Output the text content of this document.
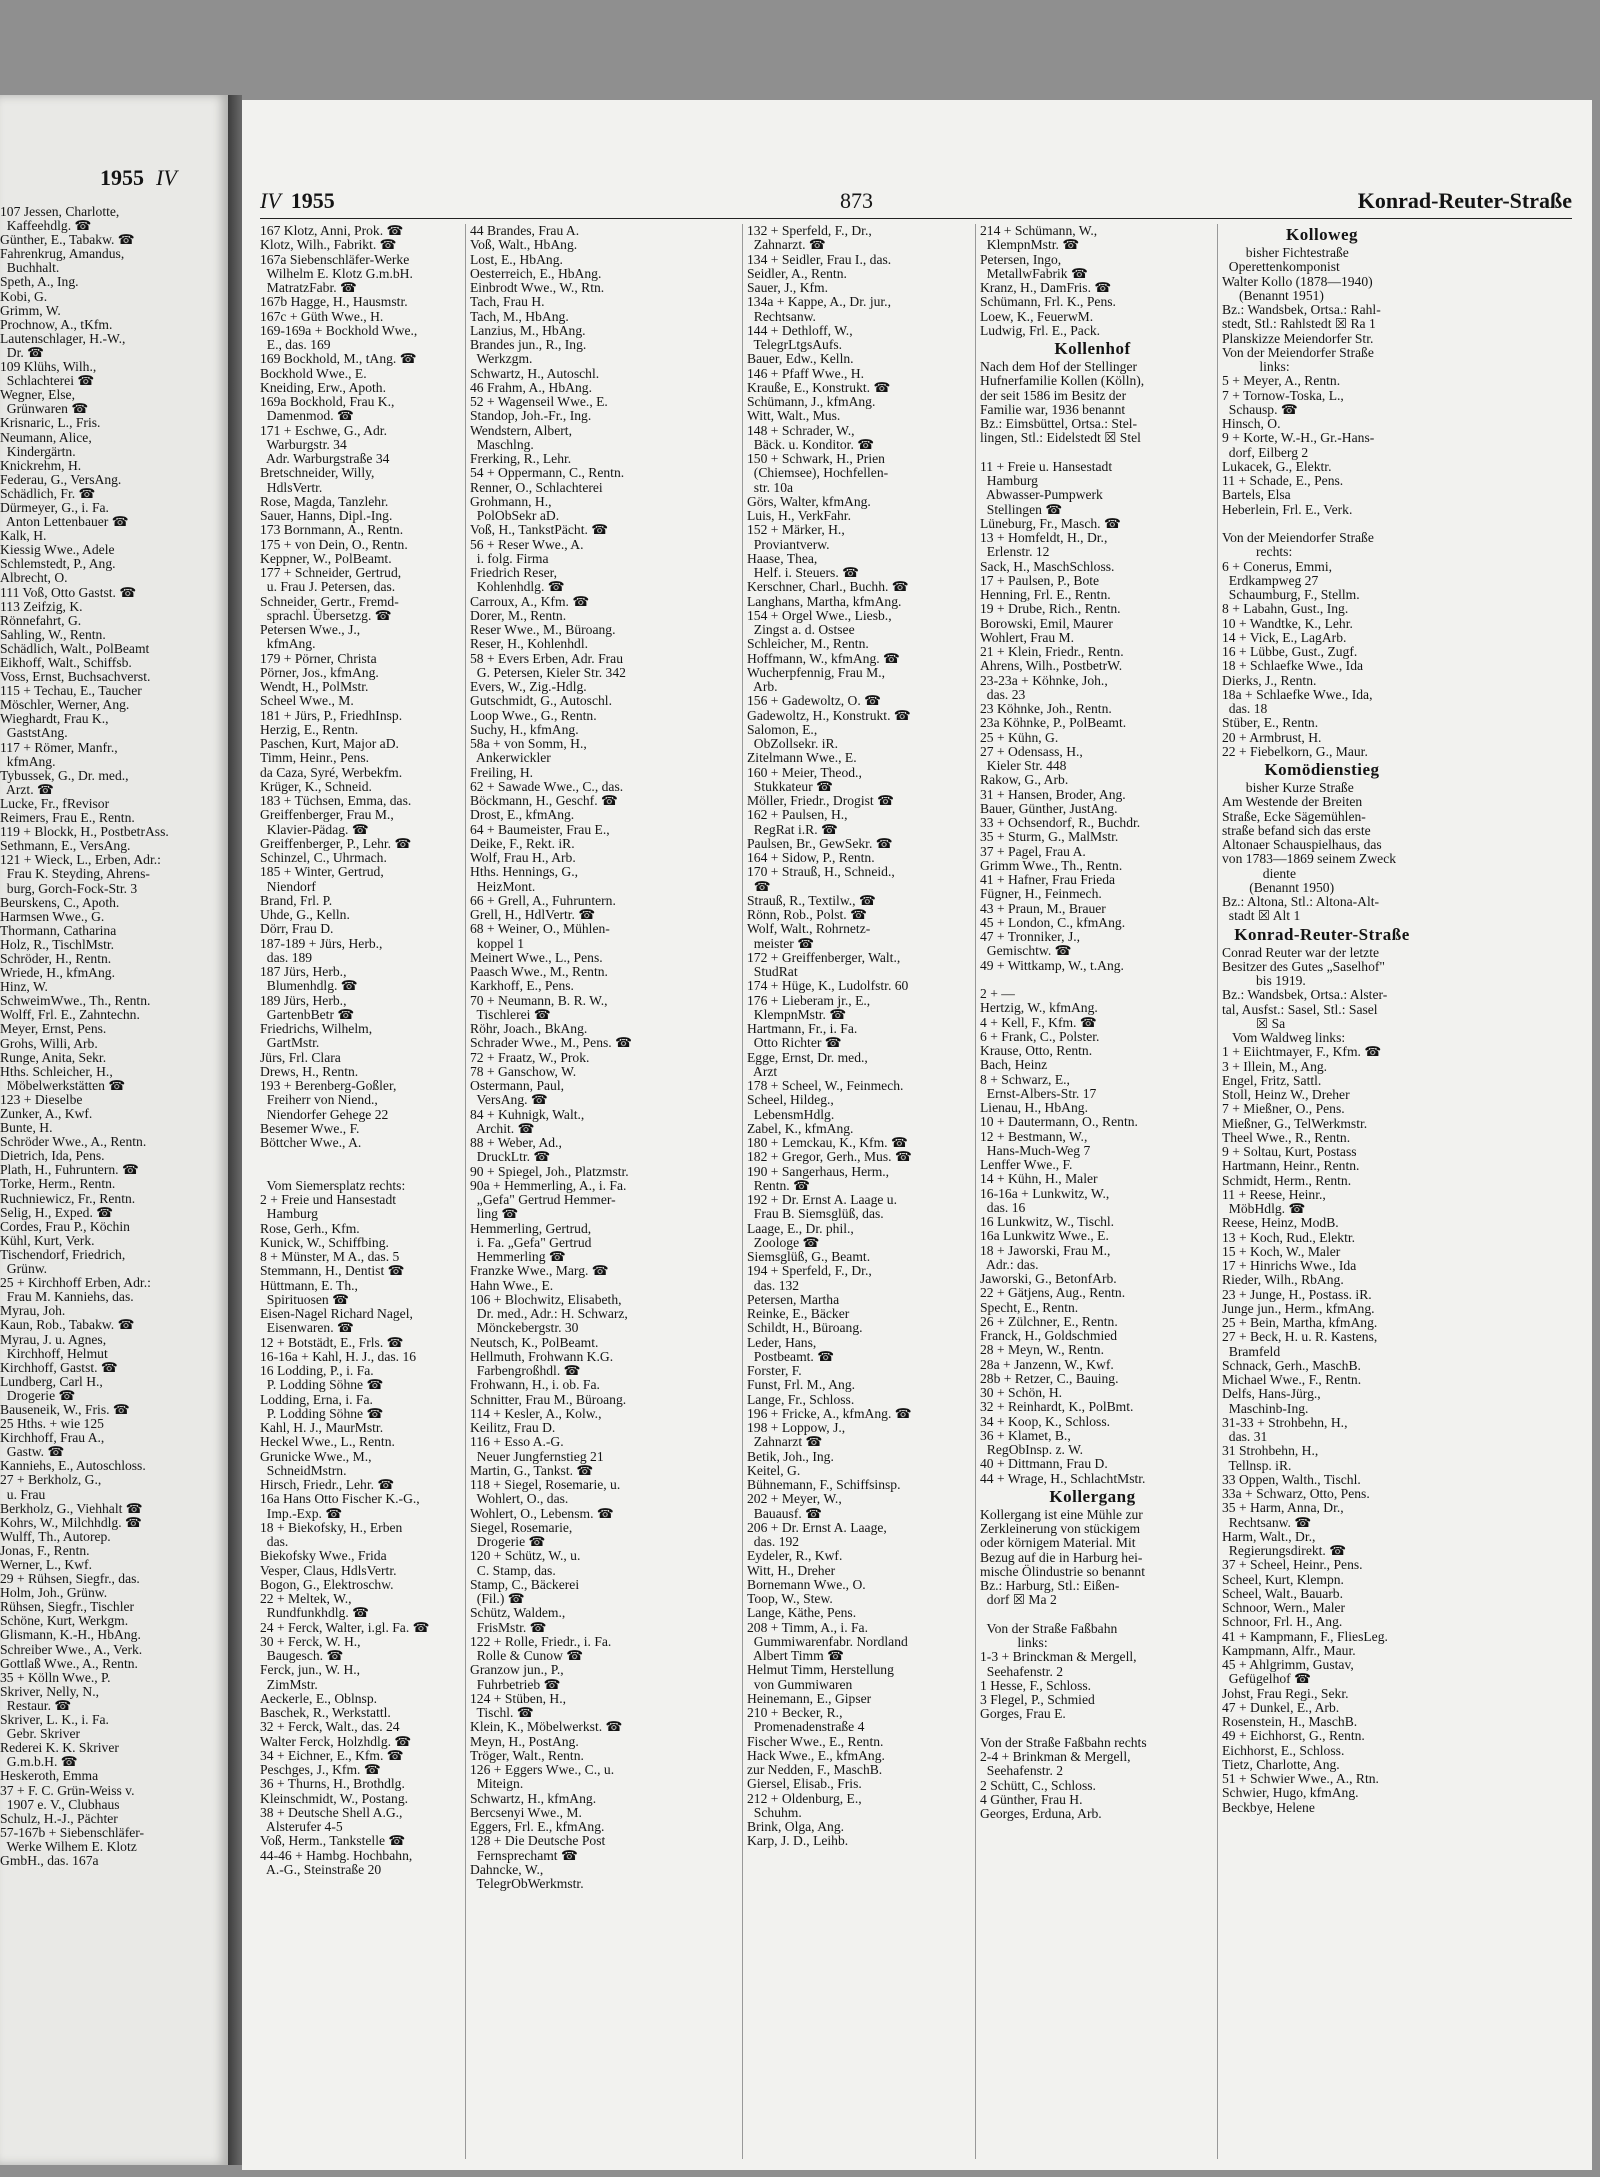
1955 IV
107 Jessen, Charlotte,
Kaffeehdlg. ☎
Günther, E., Tabakw. ☎
Fahrenkrug, Amandus,
Buchhalt.
Speth, A., Ing.
Kobi, G.
Grimm, W.
Prochnow, A., tKfm.
Lautenschlager, H.-W.,
Dr. ☎
109 Klühs, Wilh.,
Schlachterei ☎
Wegner, Else,
Grünwaren ☎
Krisnaric, L., Fris.
Neumann, Alice,
Kindergärtn.
Knickrehm, H.
Federau, G., VersAng.
Schädlich, Fr. ☎
Dürmeyer, G., i. Fa.
Anton Lettenbauer ☎
Kalk, H.
Kiessig Wwe., Adele
Schlemstedt, P., Ang.
Albrecht, O.
111 Voß, Otto Gastst. ☎
113 Zeifzig, K.
Rönnefahrt, G.
Sahling, W., Rentn.
Schädlich, Walt., PolBeamt
Eikhoff, Walt., Schiffsb.
Voss, Ernst, Buchsachverst.
115 + Techau, E., Taucher
Möschler, Werner, Ang.
Wieghardt, Frau K.,
GaststAng.
117 + Römer, Manfr.,
kfmAng.
Tybussek, G., Dr. med.,
Arzt. ☎
Lucke, Fr., fRevisor
Reimers, Frau E., Rentn.
119 + Blockk, H., PostbetrAss.
Sethmann, E., VersAng.
121 + Wieck, L., Erben, Adr.:
Frau K. Steyding, Ahrens-
burg, Gorch-Fock-Str. 3
Beurskens, C., Apoth.
Harmsen Wwe., G.
Thormann, Catharina
Holz, R., TischlMstr.
Schröder, H., Rentn.
Wriede, H., kfmAng.
Hinz, W.
SchweimWwe., Th., Rentn.
Wolff, Frl. E., Zahntechn.
Meyer, Ernst, Pens.
Grohs, Willi, Arb.
Runge, Anita, Sekr.
Hths. Schleicher, H.,
Möbelwerkstätten ☎
123 + Dieselbe
Zunker, A., Kwf.
Bunte, H.
Schröder Wwe., A., Rentn.
Dietrich, Ida, Pens.
Plath, H., Fuhruntern. ☎
Torke, Herm., Rentn.
Ruchniewicz, Fr., Rentn.
Selig, H., Exped. ☎
Cordes, Frau P., Köchin
Kühl, Kurt, Verk.
Tischendorf, Friedrich,
Grünw.
25 + Kirchhoff Erben, Adr.:
Frau M. Kanniehs, das.
Myrau, Joh.
Kaun, Rob., Tabakw. ☎
Myrau, J. u. Agnes,
Kirchhoff, Helmut
Kirchhoff, Gastst. ☎
Lundberg, Carl H.,
Drogerie ☎
Bauseneik, W., Fris. ☎
25 Hths. + wie 125
Kirchhoff, Frau A.,
Gastw. ☎
Kanniehs, E., Autoschloss.
27 + Berkholz, G.,
u. Frau
Berkholz, G., Viehhalt ☎
Kohrs, W., Milchhdlg. ☎
Wulff, Th., Autorep.
Jonas, F., Rentn.
Werner, L., Kwf.
29 + Rühsen, Siegfr., das.
Holm, Joh., Grünw.
Rühsen, Siegfr., Tischler
Schöne, Kurt, Werkgm.
Glismann, K.-H., HbAng.
Schreiber Wwe., A., Verk.
Gottlaß Wwe., A., Rentn.
35 + Kölln Wwe., P.
Skriver, Nelly, N.,
Restaur. ☎
Skriver, L. K., i. Fa.
Gebr. Skriver
Rederei K. K. Skriver
G.m.b.H. ☎
Heskeroth, Emma
37 + F. C. Grün-Weiss v.
1907 e. V., Clubhaus
Schulz, H.-J., Pächter
57-167b + Siebenschläfer-
Werke Wilhem E. Klotz
GmbH., das. 167a
IV 1955	873	Konrad-Reuter-Straße
167 Klotz, Anni, Prok. ☎
Klotz, Wilh., Fabrikt. ☎
167a Siebenschläfer-Werke
Wilhelm E. Klotz G.m.bH.
MatratzFabr. ☎
167b Hagge, H., Hausmstr.
167c + Güth Wwe., H.
169-169a + Bockhold Wwe.,
E., das. 169
169 Bockhold, M., tAng. ☎
Bockhold Wwe., E.
Kneiding, Erw., Apoth.
169a Bockhold, Frau K.,
Damenmod. ☎
171 + Eschwe, G., Adr.
Warburgstr. 34
Adr. Warburgstraße 34
Bretschneider, Willy,
HdlsVertr.
Rose, Magda, Tanzlehr.
Sauer, Hanns, Dipl.-Ing.
173 Bornmann, A., Rentn.
175 + von Dein, O., Rentn.
Keppner, W., PolBeamt.
177 + Schneider, Gertrud,
u. Frau J. Petersen, das.
Schneider, Gertr., Fremd-
sprachl. Übersetzg. ☎
Petersen Wwe., J.,
kfmAng.
179 + Pörner, Christa
Pörner, Jos., kfmAng.
Wendt, H., PolMstr.
Scheel Wwe., M.
181 + Jürs, P., FriedhInsp.
Herzig, E., Rentn.
Paschen, Kurt, Major aD.
Timm, Heinr., Pens.
da Caza, Syré, Werbekfm.
Krüger, K., Schneid.
183 + Tüchsen, Emma, das.
Greiffenberger, Frau M.,
Klavier-Pädag. ☎
Greiffenberger, P., Lehr. ☎
Schinzel, C., Uhrmach.
185 + Winter, Gertrud,
Niendorf
Brand, Frl. P.
Uhde, G., Kelln.
Dörr, Frau D.
187-189 + Jürs, Herb.,
das. 189
187 Jürs, Herb.,
Blumenhdlg. ☎
189 Jürs, Herb.,
GartenbBetr ☎
Friedrichs, Wilhelm,
GartMstr.
Jürs, Frl. Clara
Drews, H., Rentn.
193 + Berenberg-Goßler,
Freiherr von Niend.,
Niendorfer Gehege 22
Besemer Wwe., F.
Böttcher Wwe., A.

Vom Siemersplatz rechts:
2 + Freie und Hansestadt
Hamburg
Rose, Gerh., Kfm.
Kunick, W., Schiffbing.
8 + Münster, M A., das. 5
Stemmann, H., Dentist ☎
Hüttmann, E. Th.,
Spirituosen ☎
Eisen-Nagel Richard Nagel,
Eisenwaren. ☎
12 + Botstädt, E., Frls. ☎
16-16a + Kahl, H. J., das. 16
16 Lodding, P., i. Fa.
P. Lodding Söhne ☎
Lodding, Erna, i. Fa.
P. Lodding Söhne ☎
Kahl, H. J., MaurMstr.
Heckel Wwe., L., Rentn.
Grunicke Wwe., M.,
SchneidMstrn.
Hirsch, Friedr., Lehr. ☎
16a Hans Otto Fischer K.-G.,
Imp.-Exp. ☎
18 + Biekofsky, H., Erben
das.
Biekofsky Wwe., Frida
Vesper, Claus, HdlsVertr.
Bogon, G., Elektroschw.
22 + Meltek, W.,
Rundfunkhdlg. ☎
24 + Ferck, Walter, i.gl. Fa. ☎
30 + Ferck, W. H.,
Baugesch. ☎
Ferck, jun., W. H.,
ZimMstr.
Aeckerle, E., Oblnsp.
Baschek, R., Werkstattl.
32 + Ferck, Walt., das. 24
Walter Ferck, Holzhdlg. ☎
34 + Eichner, E., Kfm. ☎
Peschges, J., Kfm. ☎
36 + Thurns, H., Brothdlg.
Kleinschmidt, W., Postang.
38 + Deutsche Shell A.G.,
Alsterufer 4-5
Voß, Herm., Tankstelle ☎
44-46 + Hambg. Hochbahn,
A.-G., Steinstraße 20
44 Brandes, Frau A.
Voß, Walt., HbAng.
Lost, E., HbAng.
Oesterreich, E., HbAng.
Einbrodt Wwe., W., Rtn.
Tach, Frau H.
Tach, M., HbAng.
Lanzius, M., HbAng.
Brandes jun., R., Ing.
Werkzgm.
Schwartz, H., Autoschl.
46 Frahm, A., HbAng.
52 + Wagenseil Wwe., E.
Standop, Joh.-Fr., Ing.
Wendstern, Albert,
Maschlng.
Frerking, R., Lehr.
54 + Oppermann, C., Rentn.
Renner, O., Schlachterei
Grohmann, H.,
PolObSekr aD.
Voß, H., TankstPächt. ☎
56 + Reser Wwe., A.
i. folg. Firma
Friedrich Reser,
Kohlenhdlg. ☎
Carroux, A., Kfm. ☎
Dorer, M., Rentn.
Reser Wwe., M., Büroang.
Reser, H., Kohlenhdl.
58 + Evers Erben, Adr. Frau
G. Petersen, Kieler Str. 342
Evers, W., Zig.-Hdlg.
Gutschmidt, G., Autoschl.
Loop Wwe., G., Rentn.
Suchy, H., kfmAng.
58a + von Somm, H.,
Ankerwickler
Freiling, H.
62 + Sawade Wwe., C., das.
Böckmann, H., Geschf. ☎
Drost, E., kfmAng.
64 + Baumeister, Frau E.,
Deike, F., Rekt. iR.
Wolf, Frau H., Arb.
Hths. Hennings, G.,
HeizMont.
66 + Grell, A., Fuhruntern.
Grell, H., HdlVertr. ☎
68 + Weiner, O., Mühlen-
koppel 1
Meinert Wwe., L., Pens.
Paasch Wwe., M., Rentn.
Karkhoff, E., Pens.
70 + Neumann, B. R. W.,
Tischlerei ☎
Röhr, Joach., BkAng.
Schrader Wwe., M., Pens. ☎
72 + Fraatz, W., Prok.
78 + Ganschow, W.
Ostermann, Paul,
VersAng. ☎
84 + Kuhnigk, Walt.,
Archit. ☎
88 + Weber, Ad.,
DruckLtr. ☎
90 + Spiegel, Joh., Platzmstr.
90a + Hemmerling, A., i. Fa.
„Gefa" Gertrud Hemmer-
ling ☎
Hemmerling, Gertrud,
i. Fa. „Gefa" Gertrud
Hemmerling ☎
Franzke Wwe., Marg. ☎
Hahn Wwe., E.
106 + Blochwitz, Elisabeth,
Dr. med., Adr.: H. Schwarz,
Mönckebergstr. 30
Neutsch, K., PolBeamt.
Hellmuth, Frohwann K.G.
Farbengroßhdl. ☎
Frohwann, H., i. ob. Fa.
Schnitter, Frau M., Büroang.
114 + Kesler, A., Kolw.,
Keilitz, Frau D.
116 + Esso A.-G.
Neuer Jungfernstieg 21
Martin, G., Tankst. ☎
118 + Siegel, Rosemarie, u.
Wohlert, O., das.
Wohlert, O., Lebensm. ☎
Siegel, Rosemarie,
Drogerie ☎
120 + Schütz, W., u.
C. Stamp, das.
Stamp, C., Bäckerei
(Fil.) ☎
Schütz, Waldem.,
FrisMstr. ☎
122 + Rolle, Friedr., i. Fa.
Rolle & Cunow ☎
Granzow jun., P.,
Fuhrbetrieb ☎
124 + Stüben, H.,
Tischl. ☎
Klein, K., Möbelwerkst. ☎
Meyn, H., PostAng.
Tröger, Walt., Rentn.
126 + Eggers Wwe., C., u.
Miteign.
Schwartz, H., kfmAng.
Bercsenyi Wwe., M.
Eggers, Frl. E., kfmAng.
128 + Die Deutsche Post
Fernsprechamt ☎
Dahncke, W.,
TelegrObWerkmstr.
132 + Sperfeld, F., Dr.,
Zahnarzt. ☎
134 + Seidler, Frau I., das.
Seidler, A., Rentn.
Sauer, J., Kfm.
134a + Kappe, A., Dr. jur.,
Rechtsanw.
144 + Dethloff, W.,
TelegrLtgsAufs.
Bauer, Edw., Kelln.
146 + Pfaff Wwe., H.
Krauße, E., Konstrukt. ☎
Schümann, J., kfmAng.
Witt, Walt., Mus.
148 + Schrader, W.,
Bäck. u. Konditor. ☎
150 + Schwark, H., Prien
(Chiemsee), Hochfellen-
str. 10a
Görs, Walter, kfmAng.
Luis, H., VerkFahr.
152 + Märker, H.,
Proviantverw.
Haase, Thea,
Helf. i. Steuers. ☎
Kerschner, Charl., Buchh. ☎
Langhans, Martha, kfmAng.
154 + Orgel Wwe., Liesb.,
Zingst a. d. Ostsee
Schleicher, M., Rentn.
Hoffmann, W., kfmAng. ☎
Wucherpfennig, Frau M.,
Arb.
156 + Gadewoltz, O. ☎
Gadewoltz, H., Konstrukt. ☎
Salomon, E.,
ObZollsekr. iR.
Zitelmann Wwe., E.
160 + Meier, Theod.,
Stukkateur ☎
Möller, Friedr., Drogist ☎
162 + Paulsen, H.,
RegRat i.R. ☎
Paulsen, Br., GewSekr. ☎
164 + Sidow, P., Rentn.
170 + Strauß, H., Schneid.,
☎
Strauß, R., Textilw., ☎
Rönn, Rob., Polst. ☎
Wolf, Walt., Rohrnetz-
meister ☎
172 + Greiffenberger, Walt.,
StudRat
174 + Hüge, K., Ludolfstr. 60
176 + Lieberam jr., E.,
KlempnMstr. ☎
Hartmann, Fr., i. Fa.
Otto Richter ☎
Egge, Ernst, Dr. med.,
Arzt
178 + Scheel, W., Feinmech.
Scheel, Hildeg.,
LebensmHdlg.
Zabel, K., kfmAng.
180 + Lemckau, K., Kfm. ☎
182 + Gregor, Gerh., Mus. ☎
190 + Sangerhaus, Herm.,
Rentn. ☎
192 + Dr. Ernst A. Laage u.
Frau B. Siemsglüß, das.
Laage, E., Dr. phil.,
Zoologe ☎
Siemsglüß, G., Beamt.
194 + Sperfeld, F., Dr.,
das. 132
Petersen, Martha
Reinke, E., Bäcker
Schildt, H., Büroang.
Leder, Hans,
Postbeamt. ☎
Forster, F.
Funst, Frl. M., Ang.
Lange, Fr., Schloss.
196 + Fricke, A., kfmAng. ☎
198 + Loppow, J.,
Zahnarzt ☎
Betik, Joh., Ing.
Keitel, G.
Bühnemann, F., Schiffsinsp.
202 + Meyer, W.,
Bauausf. ☎
206 + Dr. Ernst A. Laage,
das. 192
Eydeler, R., Kwf.
Witt, H., Dreher
Bornemann Wwe., O.
Toop, W., Stew.
Lange, Käthe, Pens.
208 + Timm, A., i. Fa.
Gummiwarenfabr. Nordland
Albert Timm ☎
Helmut Timm, Herstellung
von Gummiwaren
Heinemann, E., Gipser
210 + Becker, R.,
Promenadenstraße 4
Fischer Wwe., E., Rentn.
Hack Wwe., E., kfmAng.
zur Nedden, F., MaschB.
Giersel, Elisab., Fris.
212 + Oldenburg, E.,
Schuhm.
Brink, Olga, Ang.
Karp, J. D., Leihb.
214 + Schümann, W.,
KlempnMstr. ☎
Petersen, Ingo,
MetallwFabrik ☎
Kranz, H., DamFris. ☎
Schümann, Frl. K., Pens.
Loew, K., FeuerwM.
Ludwig, Frl. E., Pack.
Kollenhof
Nach dem Hof der Stellinger
Hufnerfamilie Kollen (Kölln),
der seit 1586 im Besitz der
Familie war, 1936 benannt
Bz.: Eimsbüttel, Ortsa.: Stel-
lingen, Stl.: Eidelstedt ☒ Stel

11 + Freie u. Hansestadt
Hamburg
Abwasser-Pumpwerk
Stellingen ☎
Lüneburg, Fr., Masch. ☎
13 + Homfeldt, H., Dr.,
Erlenstr. 12
Sack, H., MaschSchloss.
17 + Paulsen, P., Bote
Henning, Frl. E., Rentn.
19 + Drube, Rich., Rentn.
Borowski, Emil, Maurer
Wohlert, Frau M.
21 + Klein, Friedr., Rentn.
Ahrens, Wilh., PostbetrW.
23-23a + Köhnke, Joh.,
das. 23
23 Köhnke, Joh., Rentn.
23a Köhnke, P., PolBeamt.
25 + Kühn, G.
27 + Odensass, H.,
Kieler Str. 448
Rakow, G., Arb.
31 + Hansen, Broder, Ang.
Bauer, Günther, JustAng.
33 + Ochsendorf, R., Buchdr.
35 + Sturm, G., MalMstr.
37 + Pagel, Frau A.
Grimm Wwe., Th., Rentn.
41 + Hafner, Frau Frieda
Fügner, H., Feinmech.
43 + Praun, M., Brauer
45 + London, C., kfmAng.
47 + Tronniker, J.,
Gemischtw. ☎
49 + Wittkamp, W., t.Ang.

2 + —
Hertzig, W., kfmAng.
4 + Kell, F., Kfm. ☎
6 + Frank, C., Polster.
Krause, Otto, Rentn.
Bach, Heinz
8 + Schwarz, E.,
Ernst-Albers-Str. 17
Lienau, H., HbAng.
10 + Dautermann, O., Rentn.
12 + Bestmann, W.,
Hans-Much-Weg 7
Lenffer Wwe., F.
14 + Kühn, H., Maler
16-16a + Lunkwitz, W.,
das. 16
16 Lunkwitz, W., Tischl.
16a Lunkwitz Wwe., E.
18 + Jaworski, Frau M.,
Adr.: das.
Jaworski, G., BetonfArb.
22 + Gätjens, Aug., Rentn.
Specht, E., Rentn.
26 + Zülchner, E., Rentn.
Franck, H., Goldschmied
28 + Meyn, W., Rentn.
28a + Janzenn, W., Kwf.
28b + Retzer, C., Bauing.
30 + Schön, H.
32 + Reinhardt, K., PolBmt.
34 + Koop, K., Schloss.
36 + Klamet, B.,
RegObInsp. z. W.
40 + Dittmann, Frau D.
44 + Wrage, H., SchlachtMstr.
Kollergang
Kollergang ist eine Mühle zur
Zerkleinerung von stückigem
oder körnigem Material. Mit
Bezug auf die in Harburg hei-
mische Ölindustrie so benannt
Bz.: Harburg, Stl.: Eißen-
dorf ☒ Ma 2

Von der Straße Faßbahn
links:
1-3 + Brinckman & Mergell,
Seehafenstr. 2
1 Hesse, F., Schloss.
3 Flegel, P., Schmied
Gorges, Frau E.

Von der Straße Faßbahn rechts
2-4 + Brinkman & Mergell,
Seehafenstr. 2
2 Schütt, C., Schloss.
4 Günther, Frau H.
Georges, Erduna, Arb.
Kolloweg
bisher Fichtestraße
Operettenkomponist
Walter Kollo (1878—1940)
(Benannt 1951)
Bz.: Wandsbek, Ortsa.: Rahl-
stedt, Stl.: Rahlstedt ☒ Ra 1
Planskizze Meiendorfer Str.
Von der Meiendorfer Straße
links:
5 + Meyer, A., Rentn.
7 + Tornow-Toska, L.,
Schausp. ☎
Hinsch, O.
9 + Korte, W.-H., Gr.-Hans-
dorf, Eilberg 2
Lukacek, G., Elektr.
11 + Schade, E., Pens.
Bartels, Elsa
Heberlein, Frl. E., Verk.

Von der Meiendorfer Straße
rechts:
6 + Conerus, Emmi,
Erdkampweg 27
Schaumburg, F., Stellm.
8 + Labahn, Gust., Ing.
10 + Wandtke, K., Lehr.
14 + Vick, E., LagArb.
16 + Lübbe, Gust., Zugf.
18 + Schlaefke Wwe., Ida
Dierks, J., Rentn.
18a + Schlaefke Wwe., Ida,
das. 18
Stüber, E., Rentn.
20 + Armbrust, H.
22 + Fiebelkorn, G., Maur.
Komödienstieg
bisher Kurze Straße
Am Westende der Breiten
Straße, Ecke Sägemühlen-
straße befand sich das erste
Altonaer Schauspielhaus, das
von 1783—1869 seinem Zweck
diente
(Benannt 1950)
Bz.: Altona, Stl.: Altona-Alt-
stadt ☒ Alt 1
Konrad-Reuter-Straße
Conrad Reuter war der letzte
Besitzer des Gutes „Saselhof"
bis 1919.
Bz.: Wandsbek, Ortsa.: Alster-
tal, Ausfst.: Sasel, Stl.: Sasel
☒ Sa
Vom Waldweg links:
1 + Eiichtmayer, F., Kfm. ☎
3 + Illein, M., Ang.
Engel, Fritz, Sattl.
Stoll, Heinz W., Dreher
7 + Mießner, O., Pens.
Mießner, G., TelWerkmstr.
Theel Wwe., R., Rentn.
9 + Soltau, Kurt, Postass
Hartmann, Heinr., Rentn.
Schmidt, Herm., Rentn.
11 + Reese, Heinr.,
MöbHdlg. ☎
Reese, Heinz, ModB.
13 + Koch, Rud., Elektr.
15 + Koch, W., Maler
17 + Hinrichs Wwe., Ida
Rieder, Wilh., RbAng.
23 + Junge, H., Postass. iR.
Junge jun., Herm., kfmAng.
25 + Bein, Martha, kfmAng.
27 + Beck, H. u. R. Kastens,
Bramfeld
Schnack, Gerh., MaschB.
Michael Wwe., F., Rentn.
Delfs, Hans-Jürg.,
Maschinb-Ing.
31-33 + Strohbehn, H.,
das. 31
31 Strohbehn, H.,
Tellnsp. iR.
33 Oppen, Walth., Tischl.
33a + Schwarz, Otto, Pens.
35 + Harm, Anna, Dr.,
Rechtsanw. ☎
Harm, Walt., Dr.,
Regierungsdirekt. ☎
37 + Scheel, Heinr., Pens.
Scheel, Kurt, Klempn.
Scheel, Walt., Bauarb.
Schnoor, Wern., Maler
Schnoor, Frl. H., Ang.
41 + Kampmann, F., FliesLeg.
Kampmann, Alfr., Maur.
45 + Ahlgrimm, Gustav,
Gefügelhof ☎
Johst, Frau Regi., Sekr.
47 + Dunkel, E., Arb.
Rosenstein, H., MaschB.
49 + Eichhorst, G., Rentn.
Eichhorst, E., Schloss.
Tietz, Charlotte, Ang.
51 + Schwier Wwe., A., Rtn.
Schwier, Hugo, kfmAng.
Beckbye, Helene
